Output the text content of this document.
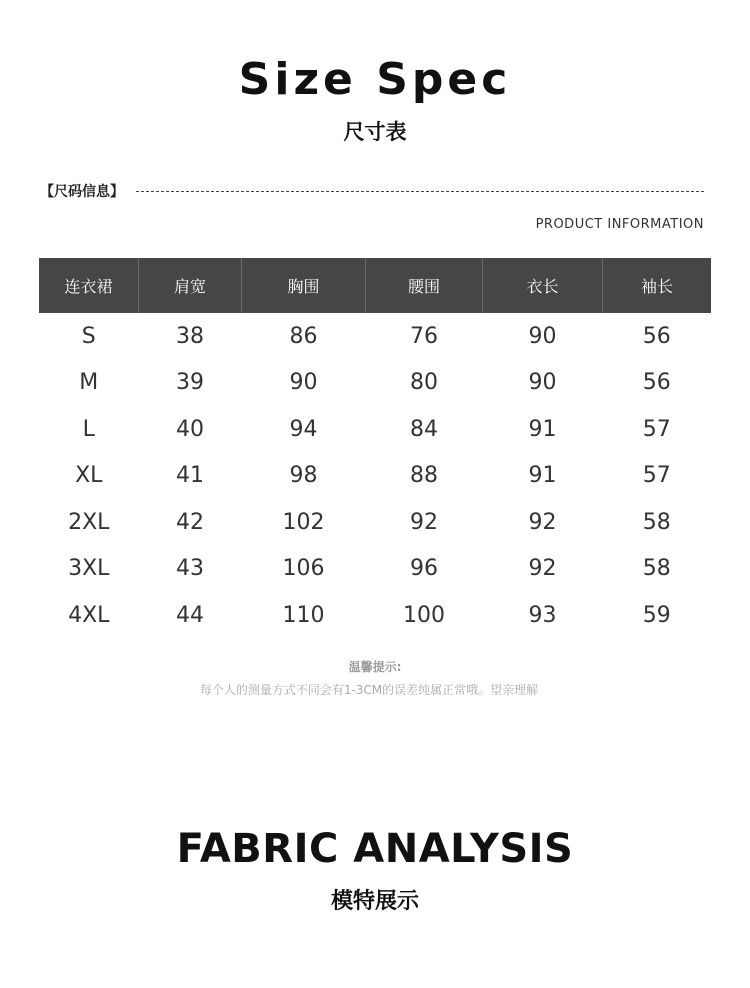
Size Spec
尺寸表
【尺码信息】
PRODUCT INFORMATION
连衣裙	肩宽	胸围	腰围	衣长	袖长
S	38	86	76	90	56
M	39	90	80	90	56
L	40	94	84	91	57
XL	41	98	88	91	57
2XL	42	102	92	92	58
3XL	43	106	96	92	58
4XL	44	110	100	93	59
温馨提示:
每个人的测量方式不同会有1-3CM的误差纯属正常哦。望亲理解
FABRIC ANALYSIS
模特展示
